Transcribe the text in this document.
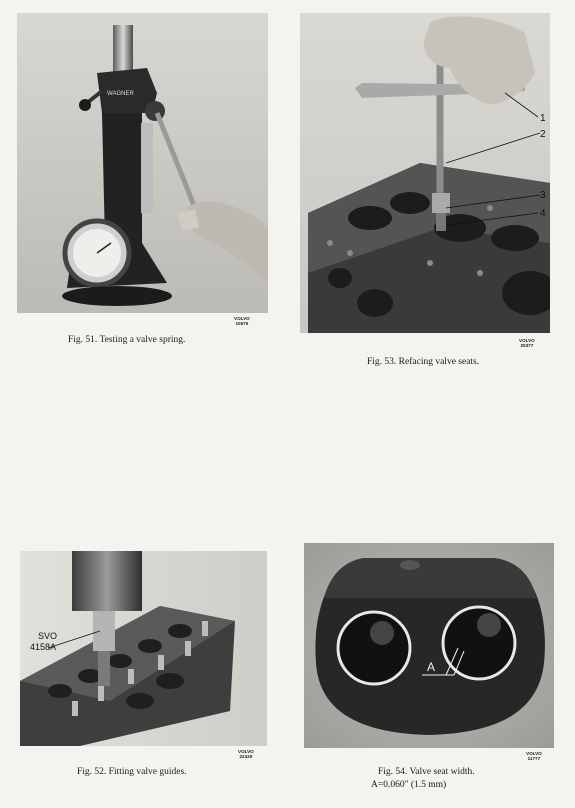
WAGNER
VOLVO
10575
Fig. 51. Testing a valve spring.
1
2
3
4
VOLVO
20377
Fig. 53. Refacing valve seats.
SVO
4158A
VOLVO
22430
Fig. 52. Fitting valve guides.
A
VOLVO
11777
Fig. 54. Valve seat width.
A=0.060" (1.5 mm)
